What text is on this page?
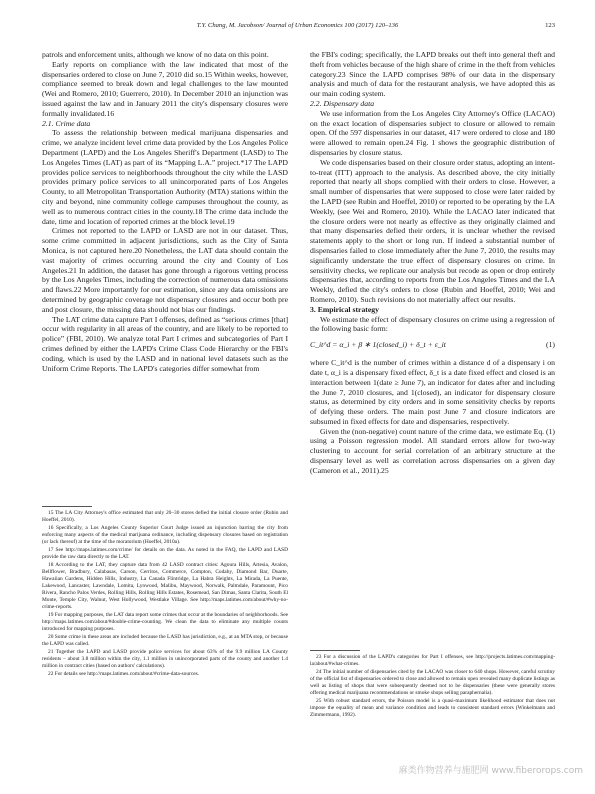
T.Y. Chang, M. Jacobson/ Journal of Urban Economics 100 (2017) 120–136	123

patrols and enforcement units, although we know of no data on this point.

Early reports on compliance with the law indicated that most of the dispensaries ordered to close on June 7, 2010 did so.15 Within weeks, however, compliance seemed to break down and legal challenges to the law mounted (Wei and Romero, 2010; Guerrero, 2010). In December 2010 an injunction was issued against the law and in January 2011 the city's dispensary closures were formally invalidated.16

2.1. Crime data

To assess the relationship between medical marijuana dispensaries and crime, we analyze incident level crime data provided by the Los Angeles Police Department (LAPD) and the Los Angeles Sheriff's Department (LASD) to The Los Angeles Times (LAT) as part of its “Mapping L.A.” project.*17 The LAPD provides police services to neighborhoods throughout the city while the LASD provides primary police services to all unincorporated parts of Los Angeles County, to all Metropolitan Transportation Authority (MTA) stations within the city and beyond, nine community college campuses throughout the county, as well as to numerous contract cities in the county.18 The crime data include the date, time and location of reported crimes at the block level.19

Crimes not reported to the LAPD or LASD are not in our dataset. Thus, some crime committed in adjacent jurisdictions, such as the City of Santa Monica, is not captured here.20 Nonetheless, the LAT data should contain the vast majority of crimes occurring around the city and County of Los Angeles.21 In addition, the dataset has gone through a rigorous vetting process by the Los Angeles Times, including the correction of numerous data omissions and flaws.22 More importantly for our estimation, since any data omissions are determined by geographic coverage not dispensary closures and occur both pre and post closure, the missing data should not bias our findings.

The LAT crime data capture Part I offenses, defined as “serious crimes [that] occur with regularity in all areas of the country, and are likely to be reported to police” (FBI, 2010). We analyze total Part I crimes and subcategories of Part I crimes defined by either the LAPD's Crime Class Code Hierarchy or the FBI's coding, which is used by the LASD and in national level datasets such as the Uniform Crime Reports. The LAPD's categories differ somewhat from

the FBI's coding; specifically, the LAPD breaks out theft into general theft and theft from vehicles because of the high share of crime in the theft from vehicles category.23 Since the LAPD comprises 98% of our data in the dispensary analysis and much of data for the restaurant analysis, we have adopted this as our main coding system.

2.2. Dispensary data

We use information from the Los Angeles City Attorney's Office (LACAO) on the exact location of dispensaries subject to closure or allowed to remain open. Of the 597 dispensaries in our dataset, 417 were ordered to close and 180 were allowed to remain open.24 Fig. 1 shows the geographic distribution of dispensaries by closure status.

We code dispensaries based on their closure order status, adopting an intent-to-treat (ITT) approach to the analysis. As described above, the city initially reported that nearly all shops complied with their orders to close. However, a small number of dispensaries that were supposed to close were later raided by the LAPD (see Rubin and Hoeffel, 2010) or reported to be operating by the LA Weekly, (see Wei and Romero, 2010). While the LACAO later indicated that the closure orders were not nearly as effective as they originally claimed and that many dispensaries defied their orders, it is unclear whether the revised statements apply to the short or long run. If indeed a substantial number of dispensaries failed to close immediately after the June 7, 2010, the results may significantly understate the true effect of dispensary closures on crime. In sensitivity checks, we replicate our analysis but recode as open or drop entirely dispensaries that, according to reports from the Los Angeles Times and the LA Weekly, defied the city's orders to close (Rubin and Hoeffel, 2010; Wei and Romero, 2010). Such revisions do not materially affect our results.

3. Empirical strategy

We estimate the effect of dispensary closures on crime using a regression of the following basic form:

C_it^d = α_i + β ∗ 1(closed_i) + δ_t + ε_it	(1)

where C_it^d is the number of crimes within a distance d of a dispensary i on date t, α_i is a dispensary fixed effect, δ_t is a date fixed effect and closed is an interaction between 1(date ≥ June 7), an indicator for dates after and including the June 7, 2010 closures, and 1(closed), an indicator for dispensary closure status, as determined by city orders and in some sensitivity checks by reports of defying these orders. The main post June 7 and closure indicators are subsumed in fixed effects for date and dispensaries, respectively.

Given the (non-negative) count nature of the crime data, we estimate Eq. (1) using a Poisson regression model. All standard errors allow for two-way clustering to account for serial correlation of an arbitrary structure at the dispensary level as well as correlation across dispensaries on a given day (Cameron et al., 2011).25

15 The LA City Attorney's office estimated that only 20–30 stores defied the initial closure order (Rubin and Hoeffel, 2010).

16 Specifically, a Los Angeles County Superior Court Judge issued an injunction barring the city from enforcing many aspects of the medical marijuana ordinance, including dispensary closures based on registration (or lack thereof) at the time of the moratorium (Hoeffel, 2010a).

17 See http://maps.latimes.com/crime/ for details on the data. As noted in the FAQ, the LAPD and LASD provide the raw data directly to the LAT.

18 According to the LAT, they capture data from 42 LASD contract cities: Agoura Hills, Artesia, Avalon, Bellflower, Bradbury, Calabasas, Carson, Cerritos, Commerce, Compton, Cudahy, Diamond Bar, Duarte, Hawaiian Gardens, Hidden Hills, Industry, La Canada Flintridge, La Habra Heights, La Mirada, La Puente, Lakewood, Lancaster, Lawndale, Lomita, Lynwood, Malibu, Maywood, Norwalk, Palmdale, Paramount, Pico Rivera, Rancho Palos Verdes, Rolling Hills, Rolling Hills Estates, Rosemead, San Dimas, Santa Clarita, South El Monte, Temple City, Walnut, West Hollywood, Westlake Village. See http://maps.latimes.com/about/#why-no-crime-reports.

19 For mapping purposes, the LAT data report some crimes that occur at the boundaries of neighborhoods. See http://maps.latimes.com/about/#double-crime-counting. We clean the data to eliminate any multiple counts introduced for mapping purposes.

20 Some crime in these areas are included because the LASD has jurisdiction, e.g., at an MTA stop, or because the LAPD was called.

21 Together the LAPD and LASD provide police services for about 63% of the 9.9 million LA County residents – about 3.8 million within the city, 1.1 million in unincorporated parts of the county and another 1.4 million in contract cities (based on authors' calculations).

22 For details see http://maps.latimes.com/about/#crime-data-sources.

23 For a discussion of the LAPD's categories for Part I offenses, see http://projects.latimes.com/mapping-la/about/#what-crimes.

24 The initial number of dispensaries cited by the LACAO was closer to 640 shops. However, careful scrutiny of the official list of dispensaries ordered to close and allowed to remain open revealed many duplicate listings as well as listing of shops that were subsequently deemed not to be dispensaries (these were generally stores offering medical marijuana recommendations or smoke shops selling paraphernalia).

25 With robust standard errors, the Poisson model is a quasi-maximum likelihood estimator that does not impose the equality of mean and variance condition and leads to consistent standard errors (Winkelmann and Zimmermann, 1992).

麻类作物营养与施肥网 www.fiberorops.com
